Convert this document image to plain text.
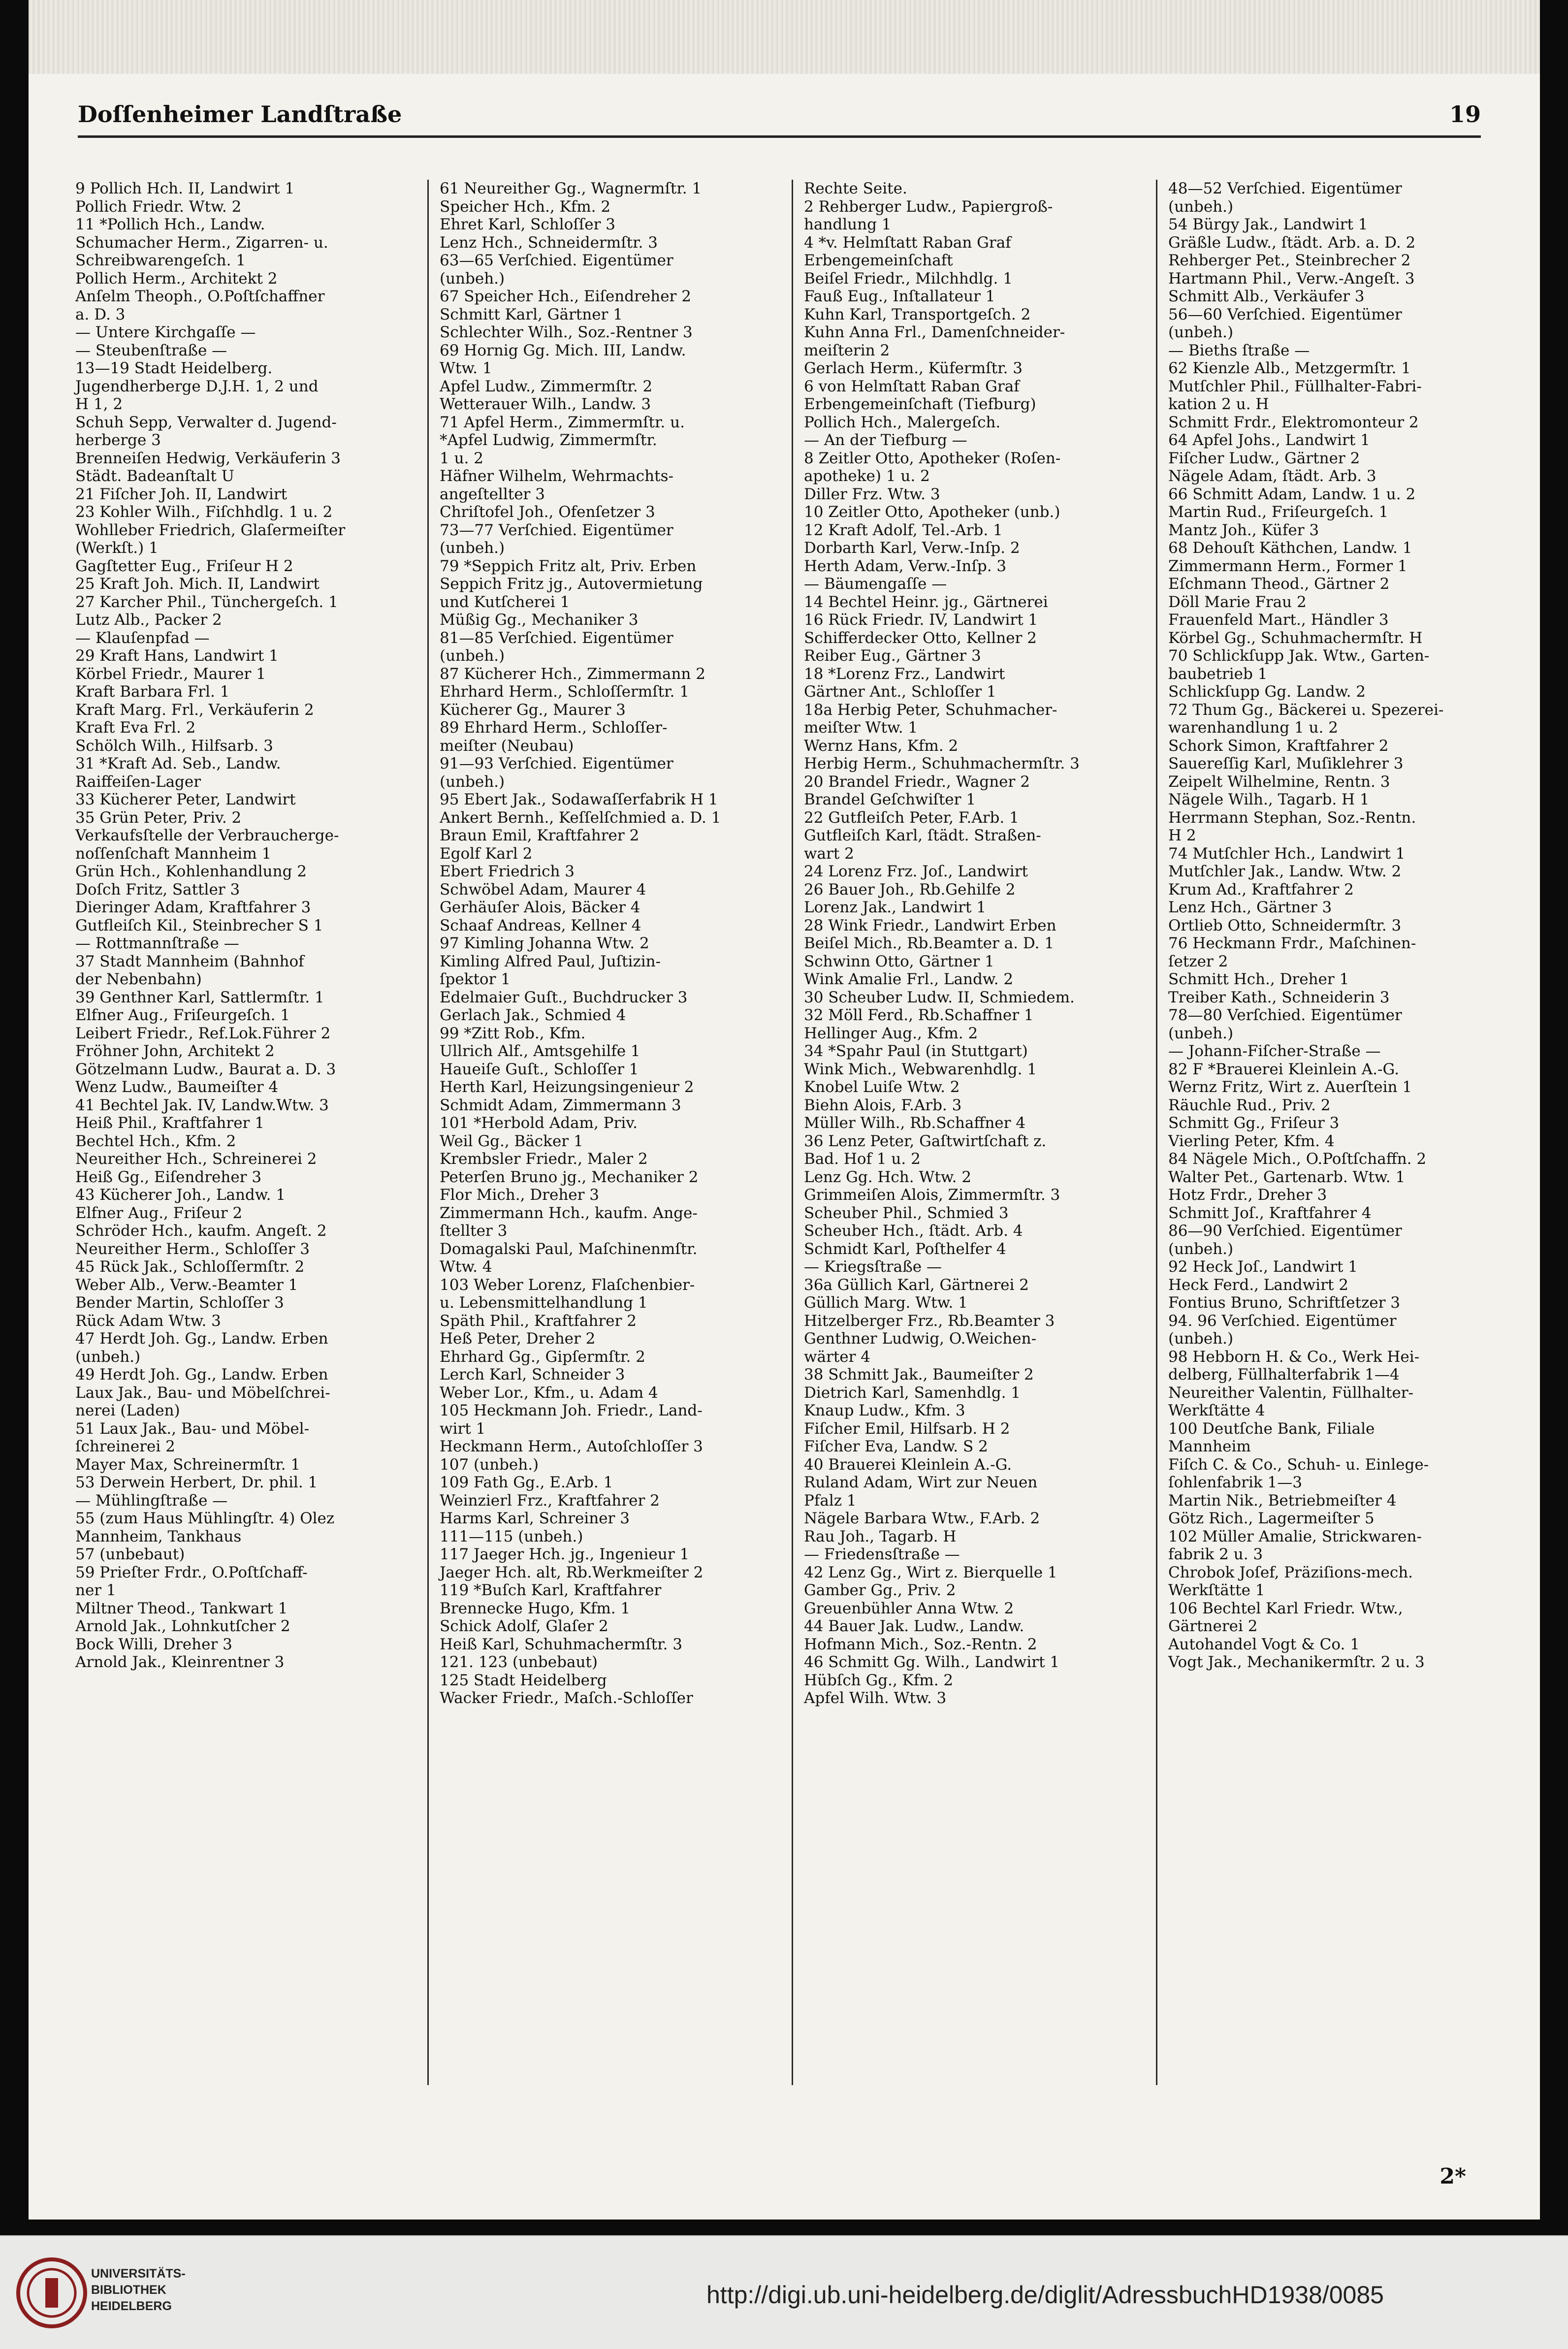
Doſſenheimer Landſtraße	19

9 Pollich Hch. II, Landwirt 1

Pollich Friedr. Wtw. 2

11 *Pollich Hch., Landw.

Schumacher Herm., Zigarren- u.

Schreibwarengeſch. 1

Pollich Herm., Architekt 2

Anſelm Theoph., O.Poſtſchaffner

a. D. 3

— Untere Kirchgaſſe —

— Steubenſtraße —

13—19 Stadt Heidelberg.

Jugendherberge D.J.H. 1, 2 und

H 1, 2

Schuh Sepp, Verwalter d. Jugend-

herberge 3

Brenneiſen Hedwig, Verkäuferin 3

Städt. Badeanſtalt U

21 Fiſcher Joh. II, Landwirt

23 Kohler Wilh., Fiſchhdlg. 1 u. 2

Wohlleber Friedrich, Glaſermeiſter

(Werkſt.) 1

Gagſtetter Eug., Friſeur H 2

25 Kraft Joh. Mich. II, Landwirt

27 Karcher Phil., Tünchergeſch. 1

Lutz Alb., Packer 2

— Klauſenpfad —

29 Kraft Hans, Landwirt 1

Körbel Friedr., Maurer 1

Kraft Barbara Frl. 1

Kraft Marg. Frl., Verkäuferin 2

Kraft Eva Frl. 2

Schölch Wilh., Hilfsarb. 3

31 *Kraft Ad. Seb., Landw.

Raiffeiſen-Lager

33 Kücherer Peter, Landwirt

35 Grün Peter, Priv. 2

Verkaufsſtelle der Verbraucherge-

noſſenſchaft Mannheim 1

Grün Hch., Kohlenhandlung 2

Doſch Fritz, Sattler 3

Dieringer Adam, Kraftfahrer 3

Gutfleiſch Kil., Steinbrecher S 1

— Rottmannſtraße —

37 Stadt Mannheim (Bahnhof

der Nebenbahn)

39 Genthner Karl, Sattlermſtr. 1

Elfner Aug., Friſeurgeſch. 1

Leibert Friedr., Ref.Lok.Führer 2

Fröhner John, Architekt 2

Götzelmann Ludw., Baurat a. D. 3

Wenz Ludw., Baumeiſter 4

41 Bechtel Jak. IV, Landw.Wtw. 3

Heiß Phil., Kraftfahrer 1

Bechtel Hch., Kfm. 2

Neureither Hch., Schreinerei 2

Heiß Gg., Eiſendreher 3

43 Kücherer Joh., Landw. 1

Elfner Aug., Friſeur 2

Schröder Hch., kaufm. Angeſt. 2

Neureither Herm., Schloſſer 3

45 Rück Jak., Schloſſermſtr. 2

Weber Alb., Verw.-Beamter 1

Bender Martin, Schloſſer 3

Rück Adam Wtw. 3

47 Herdt Joh. Gg., Landw. Erben

(unbeh.)

49 Herdt Joh. Gg., Landw. Erben

Laux Jak., Bau- und Möbelſchrei-

nerei (Laden)

51 Laux Jak., Bau- und Möbel-

ſchreinerei 2

Mayer Max, Schreinermſtr. 1

53 Derwein Herbert, Dr. phil. 1

— Mühlingſtraße —

55 (zum Haus Mühlingſtr. 4) Olez

Mannheim, Tankhaus

57 (unbebaut)

59 Prieſter Frdr., O.Poſtſchaff-

ner 1

Miltner Theod., Tankwart 1

Arnold Jak., Lohnkutſcher 2

Bock Willi, Dreher 3

Arnold Jak., Kleinrentner 3

61 Neureither Gg., Wagnermſtr. 1

Speicher Hch., Kfm. 2

Ehret Karl, Schloſſer 3

Lenz Hch., Schneidermſtr. 3

63—65 Verſchied. Eigentümer

(unbeh.)

67 Speicher Hch., Eiſendreher 2

Schmitt Karl, Gärtner 1

Schlechter Wilh., Soz.-Rentner 3

69 Hornig Gg. Mich. III, Landw.

Wtw. 1

Apfel Ludw., Zimmermſtr. 2

Wetterauer Wilh., Landw. 3

71 Apfel Herm., Zimmermſtr. u.

*Apfel Ludwig, Zimmermſtr.

1 u. 2

Häfner Wilhelm, Wehrmachts-

angeſtellter 3

Chriſtofel Joh., Ofenſetzer 3

73—77 Verſchied. Eigentümer

(unbeh.)

79 *Seppich Fritz alt, Priv. Erben

Seppich Fritz jg., Autovermietung

und Kutſcherei 1

Müßig Gg., Mechaniker 3

81—85 Verſchied. Eigentümer

(unbeh.)

87 Kücherer Hch., Zimmermann 2

Ehrhard Herm., Schloſſermſtr. 1

Kücherer Gg., Maurer 3

89 Ehrhard Herm., Schloſſer-

meiſter (Neubau)

91—93 Verſchied. Eigentümer

(unbeh.)

95 Ebert Jak., Sodawaſſerfabrik H 1

Ankert Bernh., Keſſelſchmied a. D. 1

Braun Emil, Kraftfahrer 2

Egolf Karl 2

Ebert Friedrich 3

Schwöbel Adam, Maurer 4

Gerhäuſer Alois, Bäcker 4

Schaaf Andreas, Kellner 4

97 Kimling Johanna Wtw. 2

Kimling Alfred Paul, Juſtizin-

ſpektor 1

Edelmaier Guſt., Buchdrucker 3

Gerlach Jak., Schmied 4

99 *Zitt Rob., Kfm.

Ullrich Alf., Amtsgehilfe 1

Haueiſe Guſt., Schloſſer 1

Herth Karl, Heizungsingenieur 2

Schmidt Adam, Zimmermann 3

101 *Herbold Adam, Priv.

Weil Gg., Bäcker 1

Krembsler Friedr., Maler 2

Peterſen Bruno jg., Mechaniker 2

Flor Mich., Dreher 3

Zimmermann Hch., kaufm. Ange-

ſtellter 3

Domagalski Paul, Maſchinenmſtr.

Wtw. 4

103 Weber Lorenz, Flaſchenbier-

u. Lebensmittelhandlung 1

Späth Phil., Kraftfahrer 2

Heß Peter, Dreher 2

Ehrhard Gg., Gipſermſtr. 2

Lerch Karl, Schneider 3

Weber Lor., Kfm., u. Adam 4

105 Heckmann Joh. Friedr., Land-

wirt 1

Heckmann Herm., Autoſchloſſer 3

107 (unbeh.)

109 Fath Gg., E.Arb. 1

Weinzierl Frz., Kraftfahrer 2

Harms Karl, Schreiner 3

111—115 (unbeh.)

117 Jaeger Hch. jg., Ingenieur 1

Jaeger Hch. alt, Rb.Werkmeiſter 2

119 *Buſch Karl, Kraftfahrer

Brennecke Hugo, Kfm. 1

Schick Adolf, Glaſer 2

Heiß Karl, Schuhmachermſtr. 3

121. 123 (unbebaut)

125 Stadt Heidelberg

Wacker Friedr., Maſch.-Schloſſer

Rechte Seite.

2 Rehberger Ludw., Papiergroß-

handlung 1

4 *v. Helmſtatt Raban Graf

Erbengemeinſchaft

Beiſel Friedr., Milchhdlg. 1

Fauß Eug., Inſtallateur 1

Kuhn Karl, Transportgeſch. 2

Kuhn Anna Frl., Damenſchneider-

meiſterin 2

Gerlach Herm., Küfermſtr. 3

6 von Helmſtatt Raban Graf

Erbengemeinſchaft (Tiefburg)

Pollich Hch., Malergeſch.

— An der Tiefburg —

8 Zeitler Otto, Apotheker (Roſen-

apotheke) 1 u. 2

Diller Frz. Wtw. 3

10 Zeitler Otto, Apotheker (unb.)

12 Kraft Adolf, Tel.-Arb. 1

Dorbarth Karl, Verw.-Inſp. 2

Herth Adam, Verw.-Inſp. 3

— Bäumengaſſe —

14 Bechtel Heinr. jg., Gärtnerei

16 Rück Friedr. IV, Landwirt 1

Schifferdecker Otto, Kellner 2

Reiber Eug., Gärtner 3

18 *Lorenz Frz., Landwirt

Gärtner Ant., Schloſſer 1

18a Herbig Peter, Schuhmacher-

meiſter Wtw. 1

Wernz Hans, Kfm. 2

Herbig Herm., Schuhmachermſtr. 3

20 Brandel Friedr., Wagner 2

Brandel Geſchwiſter 1

22 Gutfleiſch Peter, F.Arb. 1

Gutfleiſch Karl, ſtädt. Straßen-

wart 2

24 Lorenz Frz. Joſ., Landwirt

26 Bauer Joh., Rb.Gehilfe 2

Lorenz Jak., Landwirt 1

28 Wink Friedr., Landwirt Erben

Beiſel Mich., Rb.Beamter a. D. 1

Schwinn Otto, Gärtner 1

Wink Amalie Frl., Landw. 2

30 Scheuber Ludw. II, Schmiedem.

32 Möll Ferd., Rb.Schaffner 1

Hellinger Aug., Kfm. 2

34 *Spahr Paul (in Stuttgart)

Wink Mich., Webwarenhdlg. 1

Knobel Luiſe Wtw. 2

Biehn Alois, F.Arb. 3

Müller Wilh., Rb.Schaffner 4

36 Lenz Peter, Gaſtwirtſchaft z.

Bad. Hof 1 u. 2

Lenz Gg. Hch. Wtw. 2

Grimmeiſen Alois, Zimmermſtr. 3

Scheuber Phil., Schmied 3

Scheuber Hch., ſtädt. Arb. 4

Schmidt Karl, Poſthelfer 4

— Kriegsſtraße —

36a Güllich Karl, Gärtnerei 2

Güllich Marg. Wtw. 1

Hitzelberger Frz., Rb.Beamter 3

Genthner Ludwig, O.Weichen-

wärter 4

38 Schmitt Jak., Baumeiſter 2

Dietrich Karl, Samenhdlg. 1

Knaup Ludw., Kfm. 3

Fiſcher Emil, Hilfsarb. H 2

Fiſcher Eva, Landw. S 2

40 Brauerei Kleinlein A.-G.

Ruland Adam, Wirt zur Neuen

Pfalz 1

Nägele Barbara Wtw., F.Arb. 2

Rau Joh., Tagarb. H

— Friedensſtraße —

42 Lenz Gg., Wirt z. Bierquelle 1

Gamber Gg., Priv. 2

Greuenbühler Anna Wtw. 2

44 Bauer Jak. Ludw., Landw.

Hofmann Mich., Soz.-Rentn. 2

46 Schmitt Gg. Wilh., Landwirt 1

Hübſch Gg., Kfm. 2

Apfel Wilh. Wtw. 3

48—52 Verſchied. Eigentümer

(unbeh.)

54 Bürgy Jak., Landwirt 1

Gräßle Ludw., ſtädt. Arb. a. D. 2

Rehberger Pet., Steinbrecher 2

Hartmann Phil., Verw.-Angeſt. 3

Schmitt Alb., Verkäufer 3

56—60 Verſchied. Eigentümer

(unbeh.)

— Bieths ſtraße —

62 Kienzle Alb., Metzgermſtr. 1

Mutſchler Phil., Füllhalter-Fabri-

kation 2 u. H

Schmitt Frdr., Elektromonteur 2

64 Apfel Johs., Landwirt 1

Fiſcher Ludw., Gärtner 2

Nägele Adam, ſtädt. Arb. 3

66 Schmitt Adam, Landw. 1 u. 2

Martin Rud., Friſeurgeſch. 1

Mantz Joh., Küfer 3

68 Dehouſt Käthchen, Landw. 1

Zimmermann Herm., Former 1

Eſchmann Theod., Gärtner 2

Döll Marie Frau 2

Frauenfeld Mart., Händler 3

Körbel Gg., Schuhmachermſtr. H

70 Schlickſupp Jak. Wtw., Garten-

baubetrieb 1

Schlickſupp Gg. Landw. 2

72 Thum Gg., Bäckerei u. Spezerei-

warenhandlung 1 u. 2

Schork Simon, Kraftfahrer 2

Sauereſſig Karl, Muſiklehrer 3

Zeipelt Wilhelmine, Rentn. 3

Nägele Wilh., Tagarb. H 1

Herrmann Stephan, Soz.-Rentn.

H 2

74 Mutſchler Hch., Landwirt 1

Mutſchler Jak., Landw. Wtw. 2

Krum Ad., Kraftfahrer 2

Lenz Hch., Gärtner 3

Ortlieb Otto, Schneidermſtr. 3

76 Heckmann Frdr., Maſchinen-

ſetzer 2

Schmitt Hch., Dreher 1

Treiber Kath., Schneiderin 3

78—80 Verſchied. Eigentümer

(unbeh.)

— Johann-Fiſcher-Straße —

82 F *Brauerei Kleinlein A.-G.

Wernz Fritz, Wirt z. Auerſtein 1

Räuchle Rud., Priv. 2

Schmitt Gg., Friſeur 3

Vierling Peter, Kfm. 4

84 Nägele Mich., O.Poſtſchaffn. 2

Walter Pet., Gartenarb. Wtw. 1

Hotz Frdr., Dreher 3

Schmitt Joſ., Kraftfahrer 4

86—90 Verſchied. Eigentümer

(unbeh.)

92 Heck Joſ., Landwirt 1

Heck Ferd., Landwirt 2

Fontius Bruno, Schriftſetzer 3

94. 96 Verſchied. Eigentümer

(unbeh.)

98 Hebborn H. & Co., Werk Hei-

delberg, Füllhalterfabrik 1—4

Neureither Valentin, Füllhalter-

Werkſtätte 4

100 Deutſche Bank, Filiale

Mannheim

Fiſch C. & Co., Schuh- u. Einlege-

ſohlenfabrik 1—3

Martin Nik., Betriebmeiſter 4

Götz Rich., Lagermeiſter 5

102 Müller Amalie, Strickwaren-

fabrik 2 u. 3

Chrobok Joſef, Präziſions-mech.

Werkſtätte 1

106 Bechtel Karl Friedr. Wtw.,

Gärtnerei 2

Autohandel Vogt & Co. 1

Vogt Jak., Mechanikermſtr. 2 u. 3

2*
UNIVERSITÄTS-
BIBLIOTHEK
HEIDELBERG	http://digi.ub.uni-heidelberg.de/diglit/AdressbuchHD1938/0085
